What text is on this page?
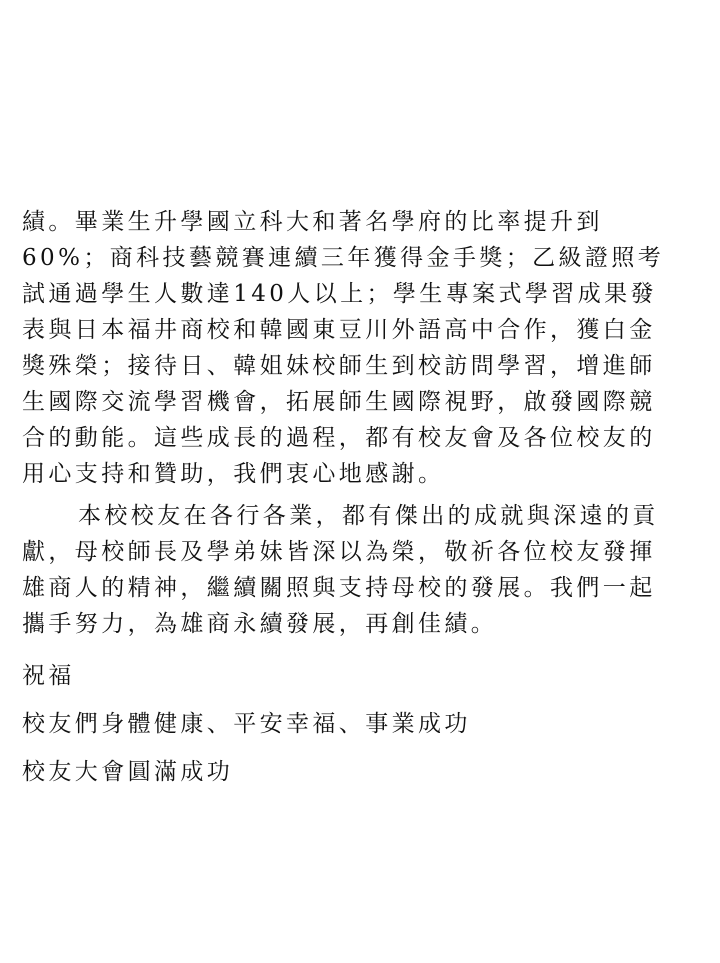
績。畢業生升學國立科大和著名學府的比率提升到
60%；商科技藝競賽連續三年獲得金手獎；乙級證照考
試通過學生人數達140人以上；學生專案式學習成果發
表與日本福井商校和韓國東豆川外語高中合作，獲白金
獎殊榮；接待日、韓姐妹校師生到校訪問學習，增進師
生國際交流學習機會，拓展師生國際視野，啟發國際競
合的動能。這些成長的過程，都有校友會及各位校友的
用心支持和贊助，我們衷心地感謝。
本校校友在各行各業，都有傑出的成就與深遠的貢
獻，母校師長及學弟妹皆深以為榮，敬祈各位校友發揮
雄商人的精神，繼續關照與支持母校的發展。我們一起
攜手努力，為雄商永續發展，再創佳績。
祝福
校友們身體健康、平安幸福、事業成功
校友大會圓滿成功
